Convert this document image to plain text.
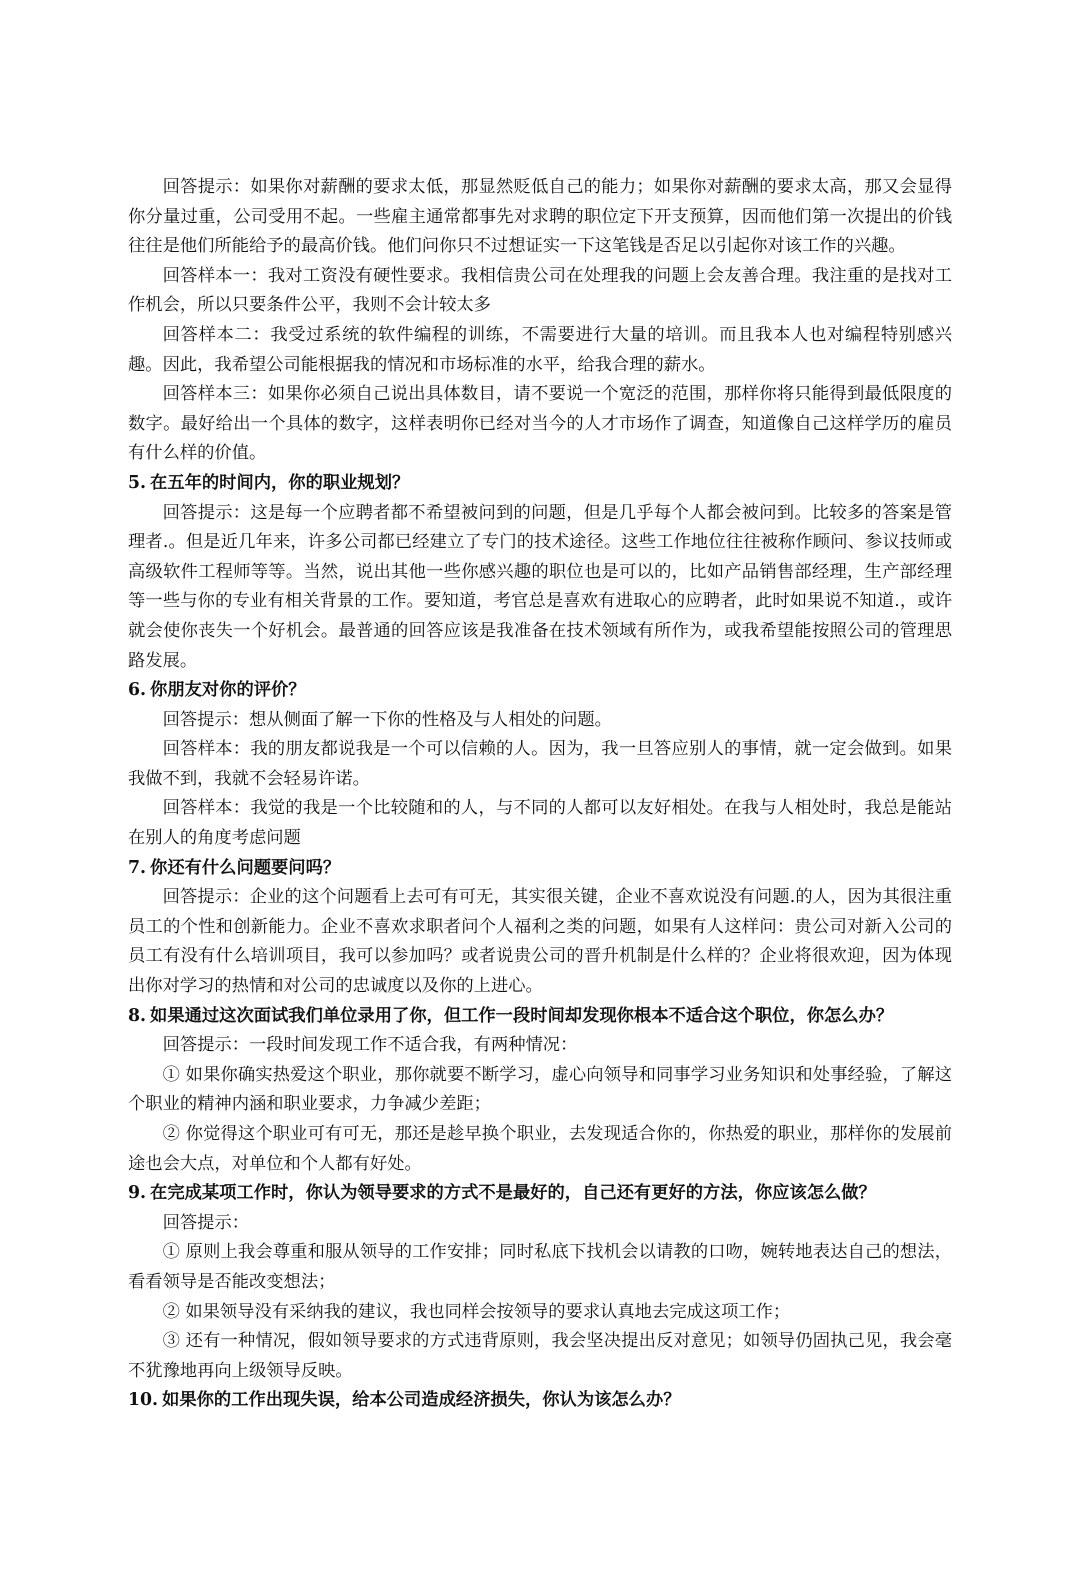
回答提示：如果你对薪酬的要求太低，那显然贬低自己的能力；如果你对薪酬的要求太高，那又会显得你分量过重，公司受用不起。一些雇主通常都事先对求聘的职位定下开支预算，因而他们第一次提出的价钱往往是他们所能给予的最高价钱。他们问你只不过想证实一下这笔钱是否足以引起你对该工作的兴趣。

回答样本一：我对工资没有硬性要求。我相信贵公司在处理我的问题上会友善合理。我注重的是找对工作机会，所以只要条件公平，我则不会计较太多

回答样本二：我受过系统的软件编程的训练，不需要进行大量的培训。而且我本人也对编程特别感兴趣。因此，我希望公司能根据我的情况和市场标准的水平，给我合理的薪水。

回答样本三：如果你必须自己说出具体数目，请不要说一个宽泛的范围，那样你将只能得到最低限度的数字。最好给出一个具体的数字，这样表明你已经对当今的人才市场作了调查，知道像自己这样学历的雇员有什么样的价值。

5. 在五年的时间内，你的职业规划？

回答提示：这是每一个应聘者都不希望被问到的问题，但是几乎每个人都会被问到。比较多的答案是管理者.。但是近几年来，许多公司都已经建立了专门的技术途径。这些工作地位往往被称作顾问、参议技师或高级软件工程师等等。当然，说出其他一些你感兴趣的职位也是可以的，比如产品销售部经理，生产部经理等一些与你的专业有相关背景的工作。要知道，考官总是喜欢有进取心的应聘者，此时如果说不知道.，或许就会使你丧失一个好机会。最普通的回答应该是我准备在技术领域有所作为，或我希望能按照公司的管理思路发展。

6. 你朋友对你的评价？

回答提示：想从侧面了解一下你的性格及与人相处的问题。

回答样本：我的朋友都说我是一个可以信赖的人。因为，我一旦答应别人的事情，就一定会做到。如果我做不到，我就不会轻易许诺。

回答样本：我觉的我是一个比较随和的人，与不同的人都可以友好相处。在我与人相处时，我总是能站在别人的角度考虑问题

7. 你还有什么问题要问吗？

回答提示：企业的这个问题看上去可有可无，其实很关键，企业不喜欢说没有问题.的人，因为其很注重员工的个性和创新能力。企业不喜欢求职者问个人福利之类的问题，如果有人这样问：贵公司对新入公司的员工有没有什么培训项目，我可以参加吗？或者说贵公司的晋升机制是什么样的？企业将很欢迎，因为体现出你对学习的热情和对公司的忠诚度以及你的上进心。

8. 如果通过这次面试我们单位录用了你，但工作一段时间却发现你根本不适合这个职位，你怎么办？

回答提示：一段时间发现工作不适合我，有两种情况：

① 如果你确实热爱这个职业，那你就要不断学习，虚心向领导和同事学习业务知识和处事经验，了解这个职业的精神内涵和职业要求，力争减少差距；

② 你觉得这个职业可有可无，那还是趁早换个职业，去发现适合你的，你热爱的职业，那样你的发展前途也会大点，对单位和个人都有好处。

9. 在完成某项工作时，你认为领导要求的方式不是最好的，自己还有更好的方法，你应该怎么做？

回答提示：

① 原则上我会尊重和服从领导的工作安排；同时私底下找机会以请教的口吻，婉转地表达自己的想法，看看领导是否能改变想法；

② 如果领导没有采纳我的建议，我也同样会按领导的要求认真地去完成这项工作；

③ 还有一种情况，假如领导要求的方式违背原则，我会坚决提出反对意见；如领导仍固执己见，我会毫不犹豫地再向上级领导反映。

10. 如果你的工作出现失误，给本公司造成经济损失，你认为该怎么办？
